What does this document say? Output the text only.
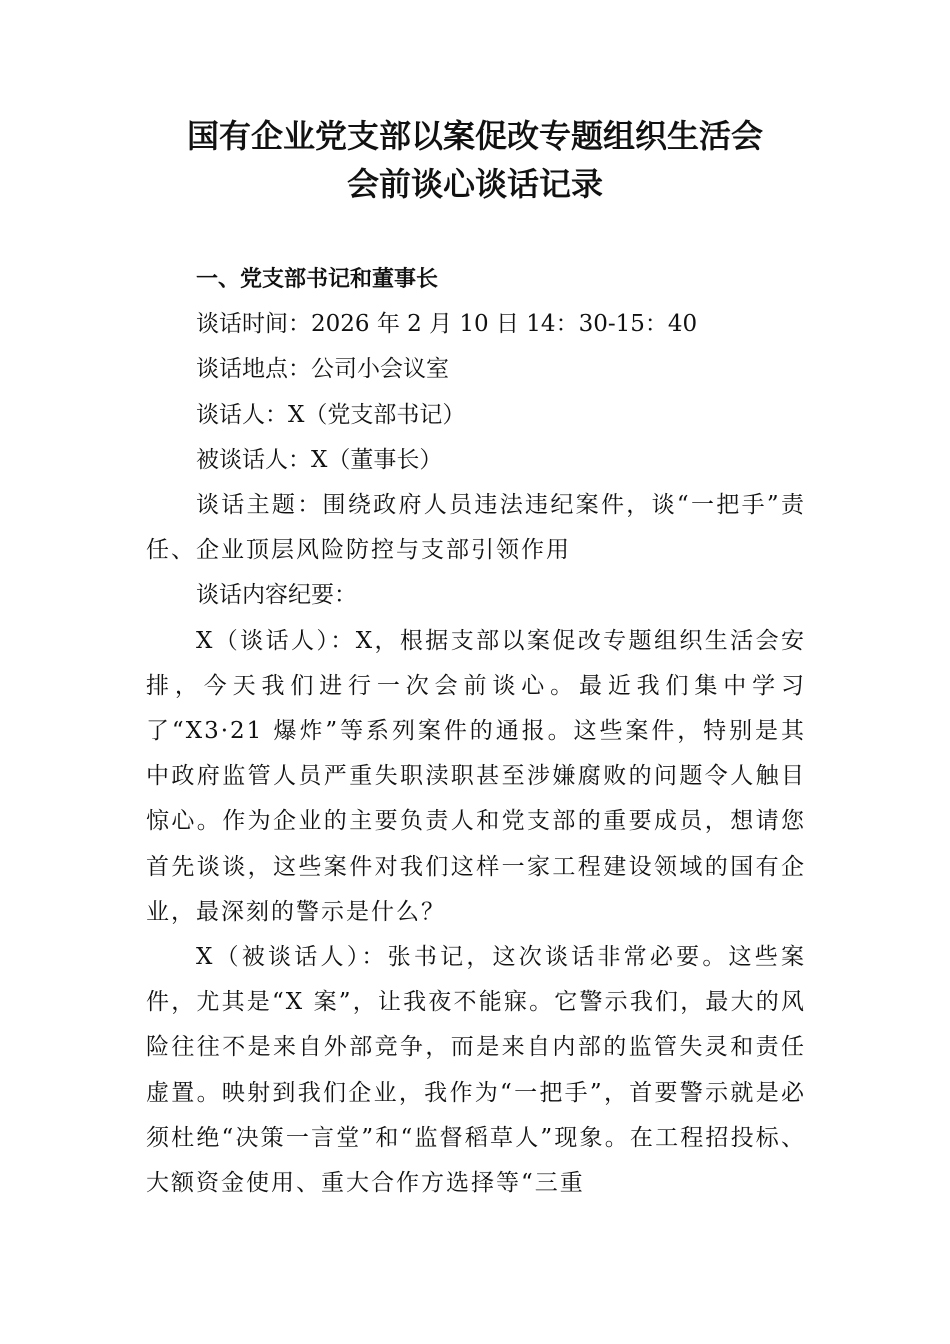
国有企业党支部以案促改专题组织生活会
会前谈心谈话记录

一、党支部书记和董事长

谈话时间：2026 年 2 月 10 日 14：30-15：40

谈话地点：公司小会议室

谈话人：X（党支部书记）

被谈话人：X（董事长）

谈话主题：围绕政府人员违法违纪案件，谈“一把手”责任、企业顶层风险防控与支部引领作用

谈话内容纪要：

X（谈话人）：X，根据支部以案促改专题组织生活会安排，今天我们进行一次会前谈心。最近我们集中学习了“X3·21 爆炸”等系列案件的通报。这些案件，特别是其中政府监管人员严重失职渎职甚至涉嫌腐败的问题令人触目惊心。作为企业的主要负责人和党支部的重要成员，想请您首先谈谈，这些案件对我们这样一家工程建设领域的国有企业，最深刻的警示是什么？

X（被谈话人）：张书记，这次谈话非常必要。这些案件，尤其是“X 案”，让我夜不能寐。它警示我们，最大的风险往往不是来自外部竞争，而是来自内部的监管失灵和责任虚置。映射到我们企业，我作为“一把手”，首要警示就是必须杜绝“决策一言堂”和“监督稻草人”现象。在工程招投标、大额资金使用、重大合作方选择等“三重
